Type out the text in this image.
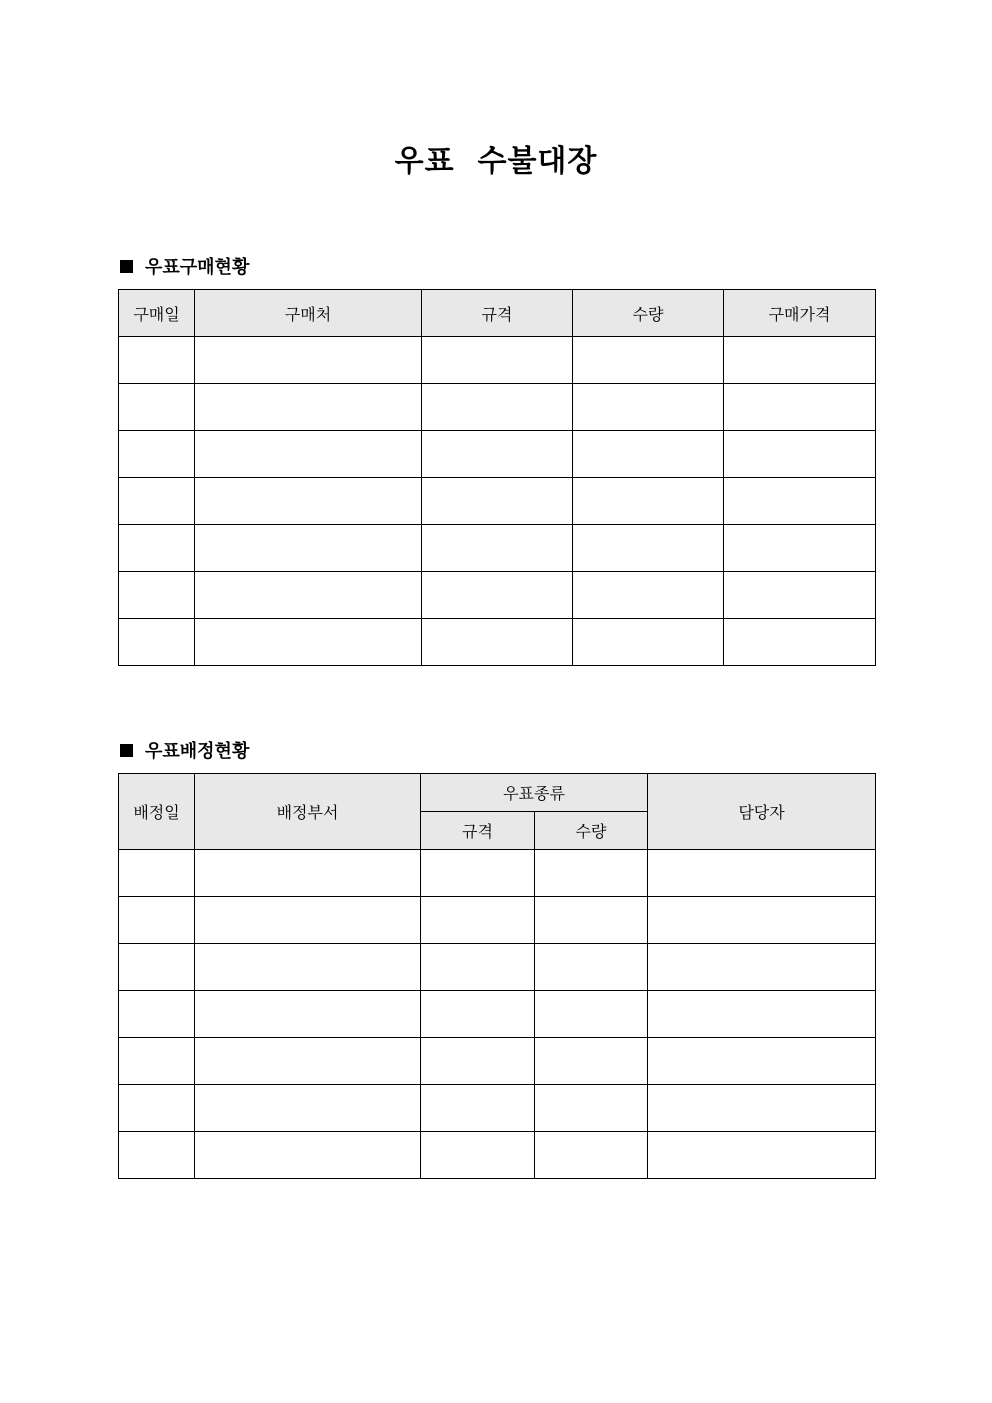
우표  수불대장
우표구매현황
구매일	구매처	규격	수량	구매가격

우표배정현황
배정일	배정부서	우표종류		담당자
		규격	수량	
